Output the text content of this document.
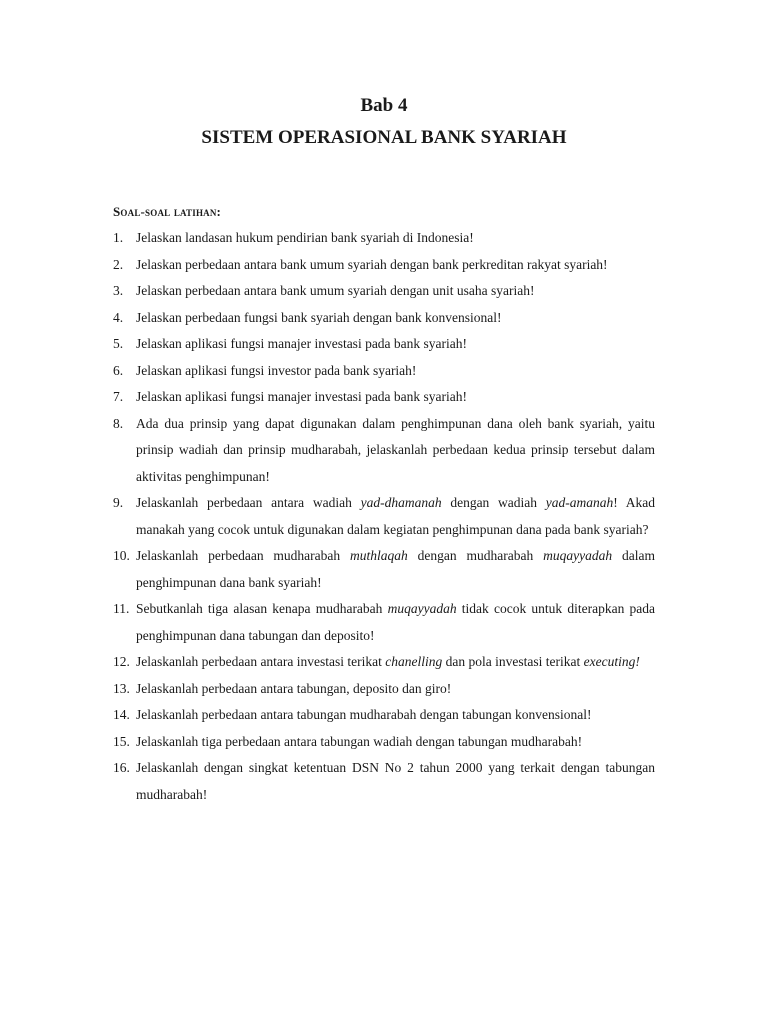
Bab 4
SISTEM OPERASIONAL BANK SYARIAH
Soal-soal latihan:
1. Jelaskan landasan hukum pendirian bank syariah di Indonesia!
2. Jelaskan perbedaan antara bank umum syariah dengan bank perkreditan rakyat syariah!
3. Jelaskan perbedaan antara bank umum syariah dengan unit usaha syariah!
4. Jelaskan perbedaan fungsi bank syariah dengan bank konvensional!
5. Jelaskan aplikasi fungsi manajer investasi pada bank syariah!
6. Jelaskan aplikasi fungsi investor pada bank syariah!
7. Jelaskan aplikasi fungsi manajer investasi pada bank syariah!
8. Ada dua prinsip yang dapat digunakan dalam penghimpunan dana oleh bank syariah, yaitu prinsip wadiah dan prinsip mudharabah, jelaskanlah perbedaan kedua prinsip tersebut dalam aktivitas penghimpunan!
9. Jelaskanlah perbedaan antara wadiah yad-dhamanah dengan wadiah yad-amanah! Akad manakah yang cocok untuk digunakan dalam kegiatan penghimpunan dana pada bank syariah?
10. Jelaskanlah perbedaan mudharabah muthlaqah dengan mudharabah muqayyadah dalam penghimpunan dana bank syariah!
11. Sebutkanlah tiga alasan kenapa mudharabah muqayyadah tidak cocok untuk diterapkan pada penghimpunan dana tabungan dan deposito!
12. Jelaskanlah perbedaan antara investasi terikat chanelling dan pola investasi terikat executing!
13. Jelaskanlah perbedaan antara tabungan, deposito dan giro!
14. Jelaskanlah perbedaan antara tabungan mudharabah dengan tabungan konvensional!
15. Jelaskanlah tiga perbedaan antara tabungan wadiah dengan tabungan mudharabah!
16. Jelaskanlah dengan singkat ketentuan DSN No 2 tahun 2000 yang terkait dengan tabungan mudharabah!
